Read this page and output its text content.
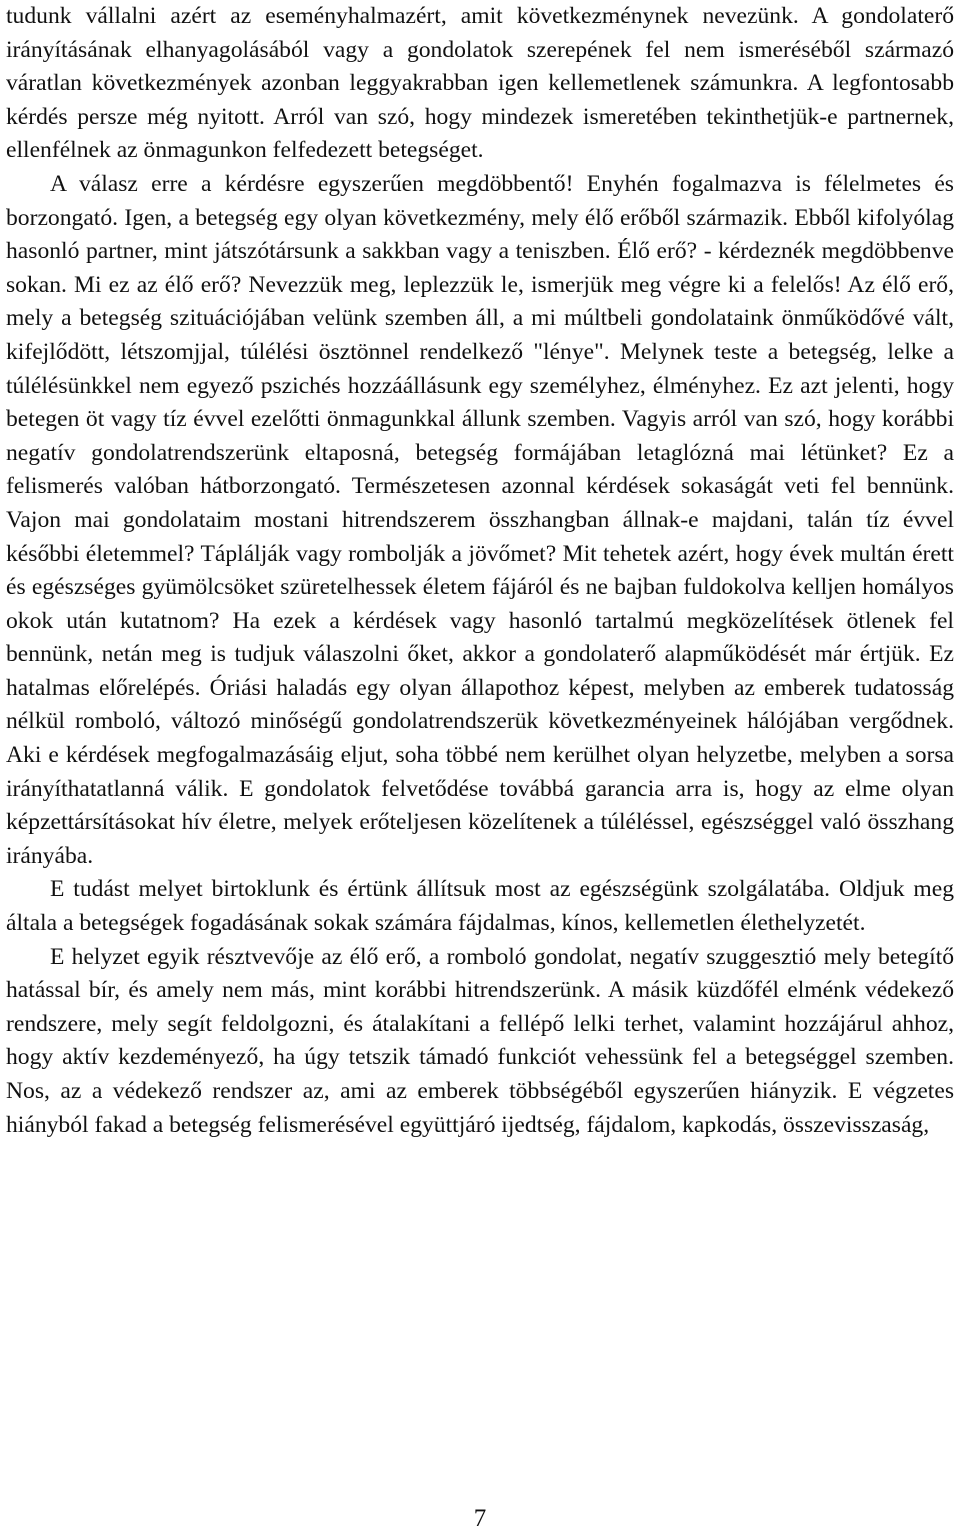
tudunk vállalni azért az eseményhalmazért, amit következménynek nevezünk. A gondolaterő irányításának elhanyagolásából vagy a gondolatok szerepének fel nem ismeréséből származó váratlan következmények azonban leggyakrabban igen kellemetlenek számunkra. A legfontosabb kérdés persze még nyitott. Arról van szó, hogy mindezek ismeretében tekinthetjük-e partnernek, ellenfélnek az önmagunkon felfedezett betegséget.

A válasz erre a kérdésre egyszerűen megdöbbentő! Enyhén fogalmazva is félelmetes és borzongató. Igen, a betegség egy olyan következmény, mely élő erőből származik. Ebből kifolyólag hasonló partner, mint játszótársunk a sakkban vagy a teniszben. Élő erő? - kérdeznék megdöbbenve sokan. Mi ez az élő erő? Nevezzük meg, leplezzük le, ismerjük meg végre ki a felelős! Az élő erő, mely a betegség szituációjában velünk szemben áll, a mi múltbeli gondolataink önműködővé vált, kifejlődött, létszomjjal, túlélési ösztönnel rendelkező "lénye". Melynek teste a betegség, lelke a túlélésünkkel nem egyező pszichés hozzáállásunk egy személyhez, élményhez. Ez azt jelenti, hogy betegen öt vagy tíz évvel ezelőtti önmagunkkal állunk szemben. Vagyis arról van szó, hogy korábbi negatív gondolatrendszerünk eltaposná, betegség formájában letaglózná mai létünket? Ez a felismerés valóban hátborzongató. Természetesen azonnal kérdések sokaságát veti fel bennünk. Vajon mai gondolataim mostani hitrendszerem összhangban állnak-e majdani, talán tíz évvel későbbi életemmel? Táplálják vagy rombolják a jövőmet? Mit tehetek azért, hogy évek multán érett és egészséges gyümölcsöket szüretelhessek életem fájáról és ne bajban fuldokolva kelljen homályos okok után kutatnom? Ha ezek a kérdések vagy hasonló tartalmú megközelítések ötlenek fel bennünk, netán meg is tudjuk válaszolni őket, akkor a gondolaterő alapműködését már értjük. Ez hatalmas előrelépés. Óriási haladás egy olyan állapothoz képest, melyben az emberek tudatosság nélkül romboló, változó minőségű gondolatrendszerük következményeinek hálójában vergődnek. Aki e kérdések megfogalmazásáig eljut, soha többé nem kerülhet olyan helyzetbe, melyben a sorsa irányíthatatlanná válik. E gondolatok felvetődése továbbá garancia arra is, hogy az elme olyan képzettársításokat hív életre, melyek erőteljesen közelítenek a túléléssel, egészséggel való összhang irányába.

E tudást melyet birtoklunk és értünk állítsuk most az egészségünk szolgálatába. Oldjuk meg általa a betegségek fogadásának sokak számára fájdalmas, kínos, kellemetlen élethelyzetét.

E helyzet egyik résztvevője az élő erő, a romboló gondolat, negatív szuggesztió mely betegítő hatással bír, és amely nem más, mint korábbi hitrendszerünk. A másik küzdőfél elménk védekező rendszere, mely segít feldolgozni, és átalakítani a fellépő lelki terhet, valamint hozzájárul ahhoz, hogy aktív kezdeményező, ha úgy tetszik támadó funkciót vehessünk fel a betegséggel szemben. Nos, az a védekező rendszer az, ami az emberek többségéből egyszerűen hiányzik. E végzetes hiányból fakad a betegség felismerésével együttjáró ijedtség, fájdalom, kapkodás, összevisszaság,

7
